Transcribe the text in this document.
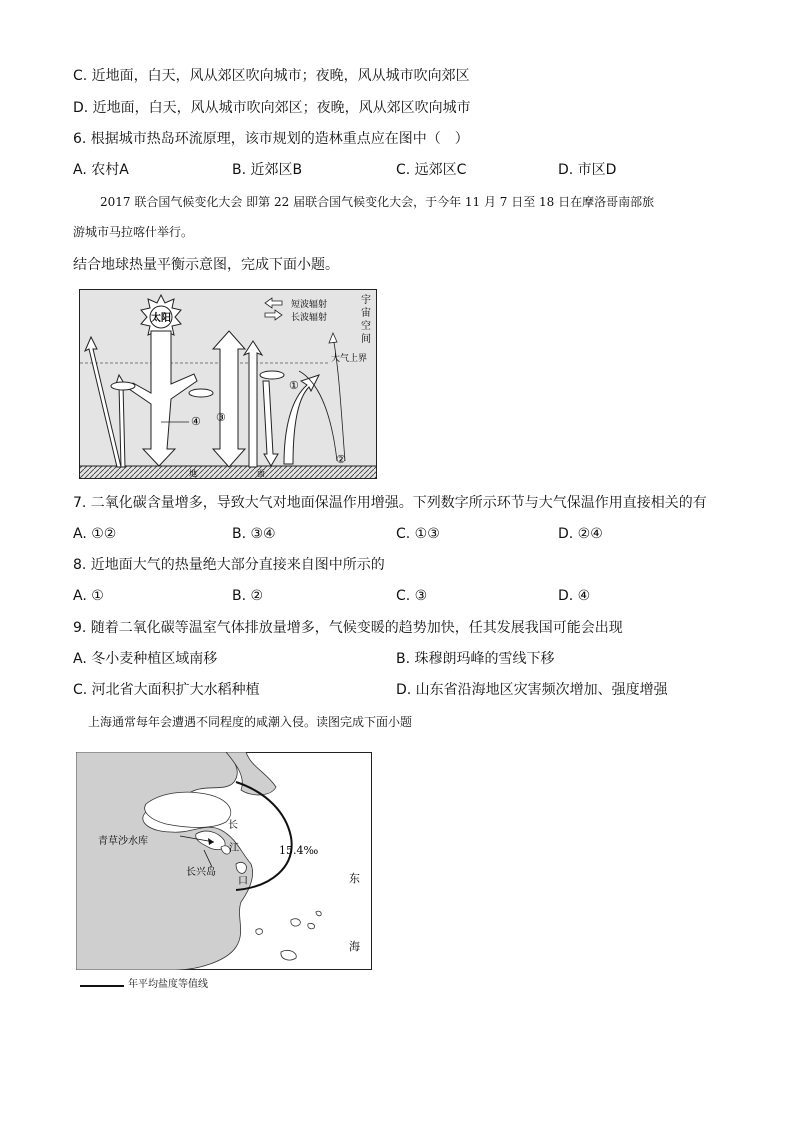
C. 近地面，白天，风从郊区吹向城市；夜晚，风从城市吹向郊区
D. 近地面，白天，风从城市吹向郊区；夜晚，风从郊区吹向城市
6. 根据城市热岛环流原理，该市规划的造林重点应在图中（　）
A. 农村A	B. 近郊区B	C. 远郊区C	D. 市区D
2017 联合国气候变化大会 即第 22 届联合国气候变化大会，于今年 11 月 7 日至 18 日在摩洛哥南部旅
游城市马拉喀什举行。
结合地球热量平衡示意图，完成下面小题。
太阳
④ ③
①
②
短波辐射
长波辐射
宇
宙
空
间
大气上界
地	面
7. 二氧化碳含量增多，导致大气对地面保温作用增强。下列数字所示环节与大气保温作用直接相关的有
A. ①②	B. ③④	C. ①③	D. ②④
8. 近地面大气的热量绝大部分直接来自图中所示的
A. ①	B. ②	C. ③	D. ④
9. 随着二氧化碳等温室气体排放量增多，气候变暖的趋势加快，任其发展我国可能会出现
A. 冬小麦种植区域南移	B. 珠穆朗玛峰的雪线下移
C. 河北省大面积扩大水稻种植	D. 山东省沿海地区灾害频次增加、强度增强
上海通常每年会遭遇不同程度的咸潮入侵。读图完成下面小题
青草沙水库
长
江
口
长兴岛
15.4‰
东
海
年平均盐度等值线
